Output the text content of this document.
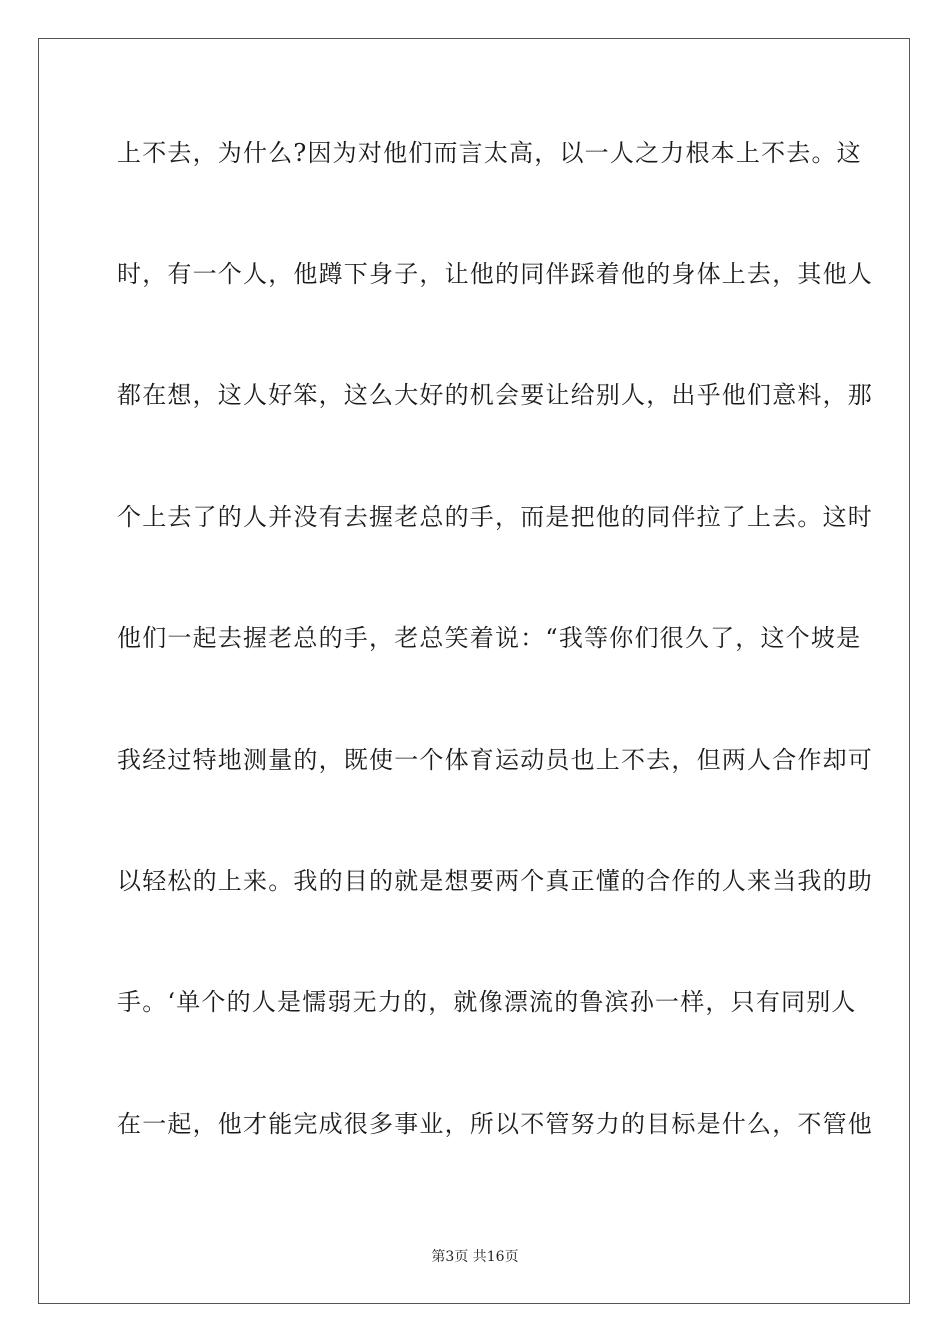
上不去，为什么?因为对他们而言太高，以一人之力根本上不去。这
时，有一个人，他蹲下身子，让他的同伴踩着他的身体上去，其他人
都在想，这人好笨，这么大好的机会要让给别人，出乎他们意料，那
个上去了的人并没有去握老总的手，而是把他的同伴拉了上去。这时
他们一起去握老总的手，老总笑着说：“我等你们很久了，这个坡是
我经过特地测量的，既使一个体育运动员也上不去，但两人合作却可
以轻松的上来。我的目的就是想要两个真正懂的合作的人来当我的助
手。‘单个的人是懦弱无力的，就像漂流的鲁滨孙一样，只有同别人
在一起，他才能完成很多事业，所以不管努力的目标是什么，不管他
第3页 共16页
